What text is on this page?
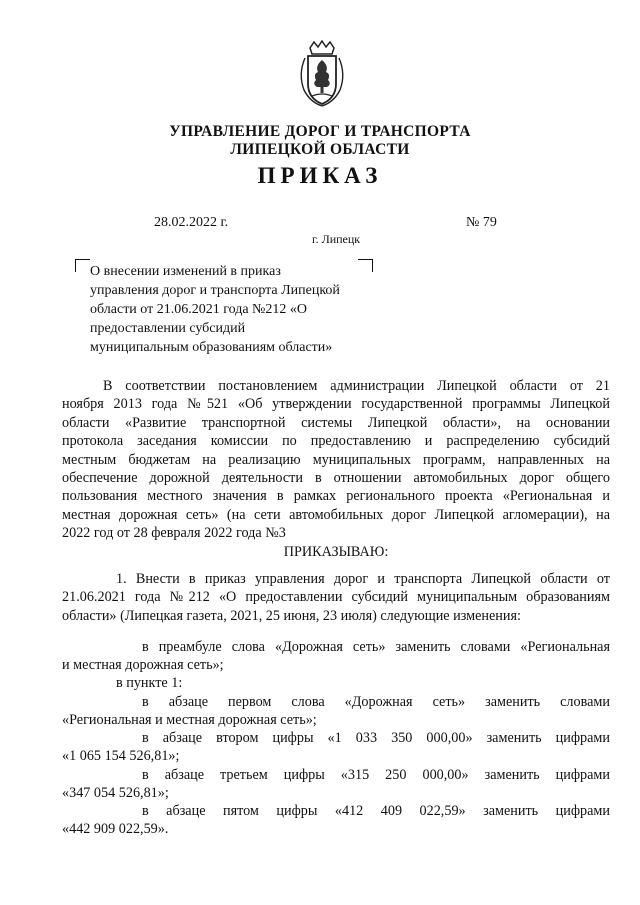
УПРАВЛЕНИЕ ДОРОГ И ТРАНСПОРТА
ЛИПЕЦКОЙ ОБЛАСТИ
ПРИКАЗ
28.02.2022 г.
г. Липецк
№ 79
О внесении изменений в приказ
управления дорог и транспорта Липецкой
области от 21.06.2021 года №212 «О
предоставлении субсидий
муниципальным образованиям области»
В соответствии постановлением администрации Липецкой области от 21
ноября 2013 года №521 «Об утверждении государственной программы Липецкой
области «Развитие транспортной системы Липецкой области», на основании
протокола заседания комиссии по предоставлению и распределению субсидий
местным бюджетам на реализацию муниципальных программ, направленных на
обеспечение дорожной деятельности в отношении автомобильных дорог общего
пользования местного значения в рамках регионального проекта «Региональная и
местная дорожная сеть» (на сети автомобильных дорог Липецкой агломерации), на
2022 год от 28 февраля 2022 года №3
ПРИКАЗЫВАЮ:
1. Внести в приказ управления дорог и транспорта Липецкой области от
21.06.2021 года №212 «О предоставлении субсидий муниципальным образованиям
области» (Липецкая газета, 2021, 25 июня, 23 июля) следующие изменения:
в преамбуле слова «Дорожная сеть» заменить словами «Региональная
и местная дорожная сеть»;
в пункте 1:
в абзаце первом слова «Дорожная сеть» заменить словами
«Региональная и местная дорожная сеть»;
в абзаце втором цифры «1 033 350 000,00» заменить цифрами
«1 065 154 526,81»;
в абзаце третьем цифры «315 250 000,00» заменить цифрами
«347 054 526,81»;
в абзаце пятом цифры «412 409 022,59» заменить цифрами
«442 909 022,59».
